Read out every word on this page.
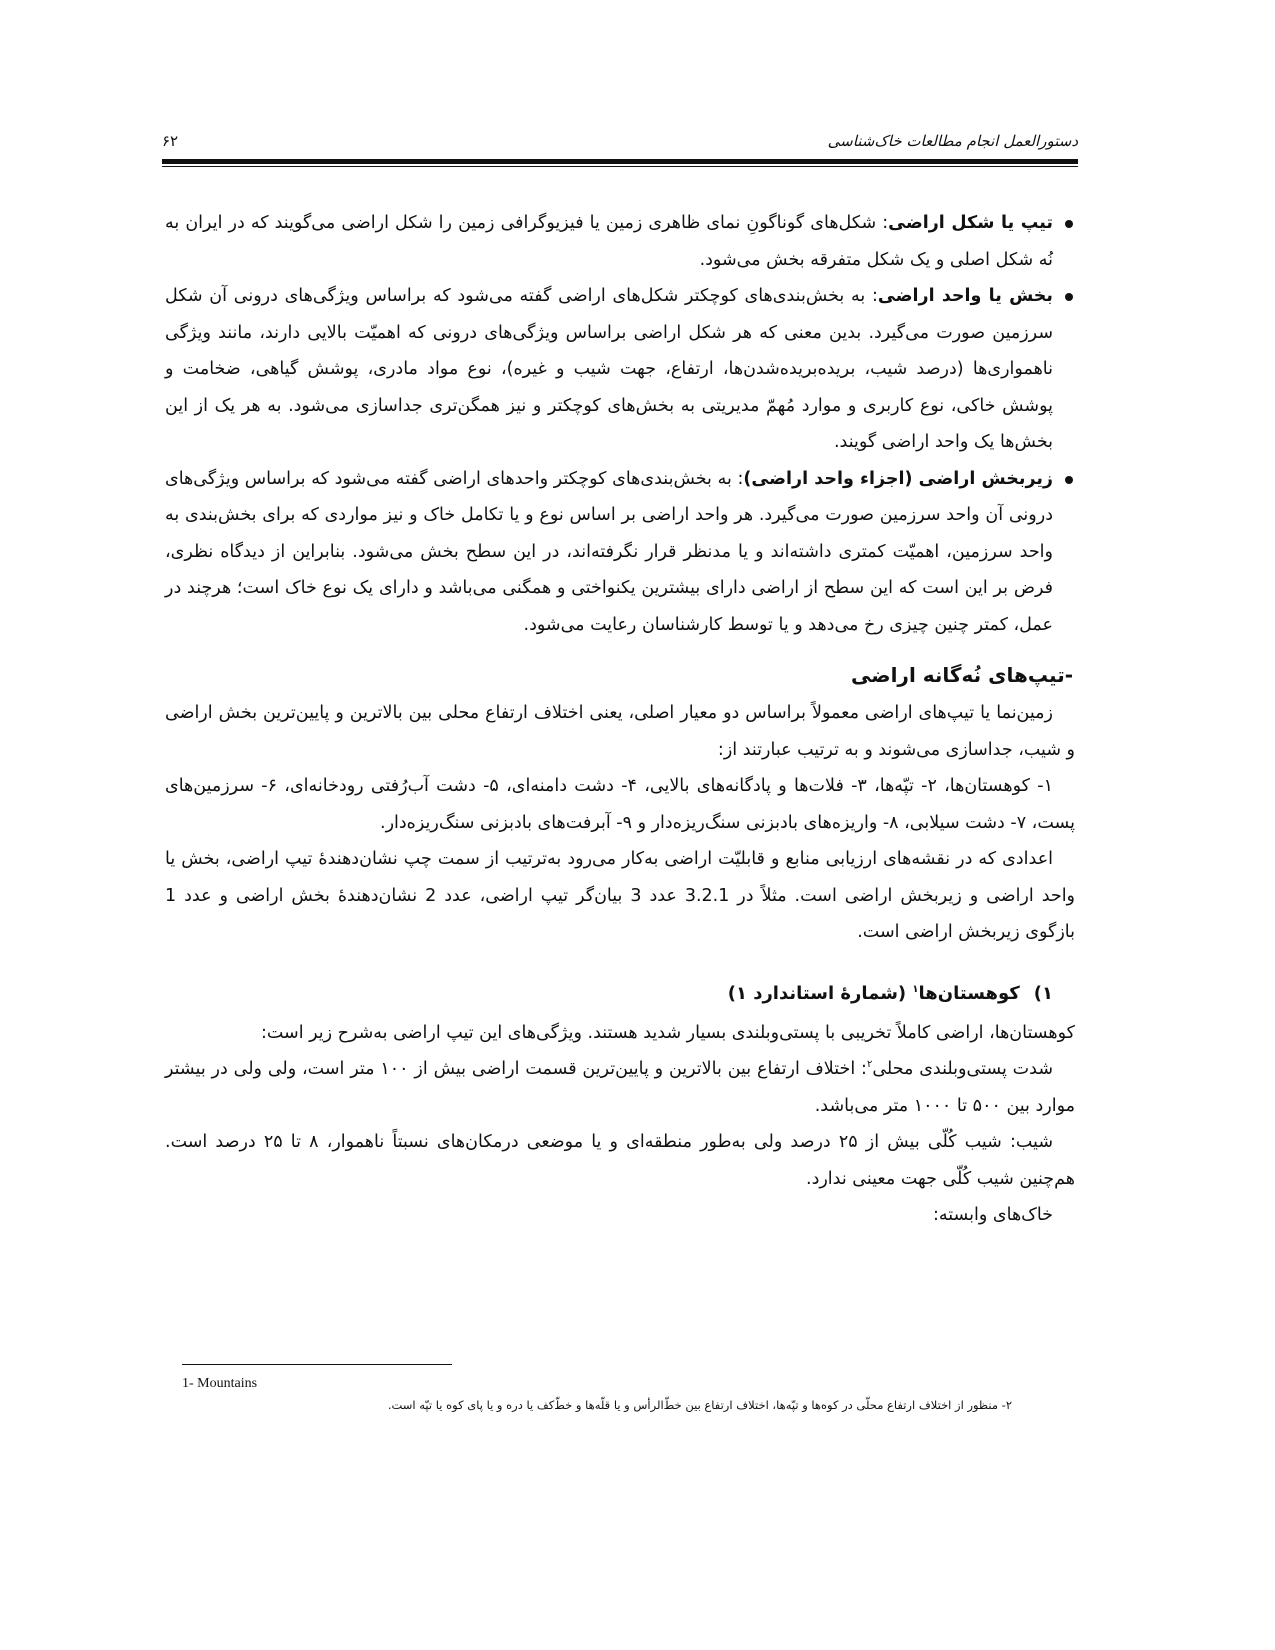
دستورالعمل انجام مطالعات خاک‌شناسی
۶۲
تیپ یا شکل اراضی: شکل‌های گوناگونِ نمای ظاهری زمین یا فیزیوگرافی زمین را شکل اراضی می‌گویند که در ایران به نُه شکل اصلی و یک شکل متفرقه بخش می‌شود.
بخش یا واحد اراضی: به بخش‌بندی‌های کوچکتر شکل‌های اراضی گفته می‌شود که براساس ویژگی‌های درونی آن شکل سرزمین صورت می‌گیرد. بدین معنی که هر شکل اراضی براساس ویژگی‌های درونی که اهمیّت بالایی دارند، مانند ویژگی ناهمواری‌ها (درصد شیب، بریده‌بریده‌شدن‌ها، ارتفاع، جهت شیب و غیره)، نوع مواد مادری، پوشش گیاهی، ضخامت و پوشش خاکی، نوع کاربری و موارد مُهمّ مدیریتی به بخش‌های کوچکتر و نیز همگن‌تری جداسازی می‌شود. به هر یک از این بخش‌ها یک واحد اراضی گویند.
زیربخش اراضی (اجزاء واحد اراضی): به بخش‌بندی‌های کوچکتر واحدهای اراضی گفته می‌شود که براساس ویژگی‌های درونی آن واحد سرزمین صورت می‌گیرد. هر واحد اراضی بر اساس نوع و یا تکامل خاک و نیز مواردی که برای بخش‌بندی به واحد سرزمین، اهمیّت کمتری داشته‌اند و یا مدنظر قرار نگرفته‌اند، در این سطح بخش می‌شود. بنابراین از دیدگاه نظری، فرض بر این است که این سطح از اراضی دارای بیشترین یکنواختی و همگنی می‌باشد و دارای یک نوع خاک است؛ هرچند در عمل، کمتر چنین چیزی رخ می‌دهد و یا توسط کارشناسان رعایت می‌شود.
-تیپ‌های نُه‌گانه اراضی

زمین‌نما یا تیپ‌های اراضی معمولاً براساس دو معیار اصلی، یعنی اختلاف ارتفاع محلی بین بالاترین و پایین‌ترین بخش اراضی و شیب، جداسازی می‌شوند و به ترتیب عبارتند از:

۱- کوهستان‌ها، ۲- تپّه‌ها، ۳- فلات‌ها و پادگانه‌های بالایی، ۴- دشت دامنه‌ای، ۵- دشت آب‌رُفتی رودخانه‌ای، ۶- سرزمین‌های پست، ۷- دشت سیلابی، ۸- واریزه‌های بادبزنی سنگ‌ریزه‌دار و ۹- آبرفت‌های بادبزنی سنگ‌ریزه‌دار.

اعدادی که در نقشه‌های ارزیابی منابع و قابلیّت اراضی به‌کار می‌رود به‌ترتیب از سمت چپ نشان‌دهندۀ تیپ اراضی، بخش یا واحد اراضی و زیربخش اراضی است. مثلاً در 3.2.1 عدد 3 بیان‌گر تیپ اراضی، عدد 2 نشان‌دهندۀ بخش اراضی و عدد 1 بازگوی زیربخش اراضی است.

۱)کوهستان‌ها$^۱$ (شمارۀ استاندارد ۱)

کوهستان‌ها، اراضی کاملاً تخریبی با پستی‌وبلندی بسیار شدید هستند. ویژگی‌های این تیپ اراضی به‌شرح زیر است:

شدت پستی‌وبلندی محلی$^۲$: اختلاف ارتفاع بین بالاترین و پایین‌ترین قسمت اراضی بیش از ۱۰۰ متر است، ولی ولی در بیشتر موارد بین ۵۰۰ تا ۱۰۰۰ متر می‌باشد.

شیب: شیب کُلّی بیش از ۲۵ درصد ولی به‌طور منطقه‌ای و یا موضعی درمکان‌های نسبتاً ناهموار، ۸ تا ۲۵ درصد است. هم‌چنین شیب کُلّی جهت معینی ندارد.

خاک‌های وابسته:

1- Mountains
۲- منظور از اختلاف ارتفاع محلّی در کوه‌ها و تپّه‌ها، اختلاف ارتفاع بین خطّ‌الرأس و یا قلّه‌ها و خطّ‌کف یا دره و یا پای کوه یا تپّه است.
